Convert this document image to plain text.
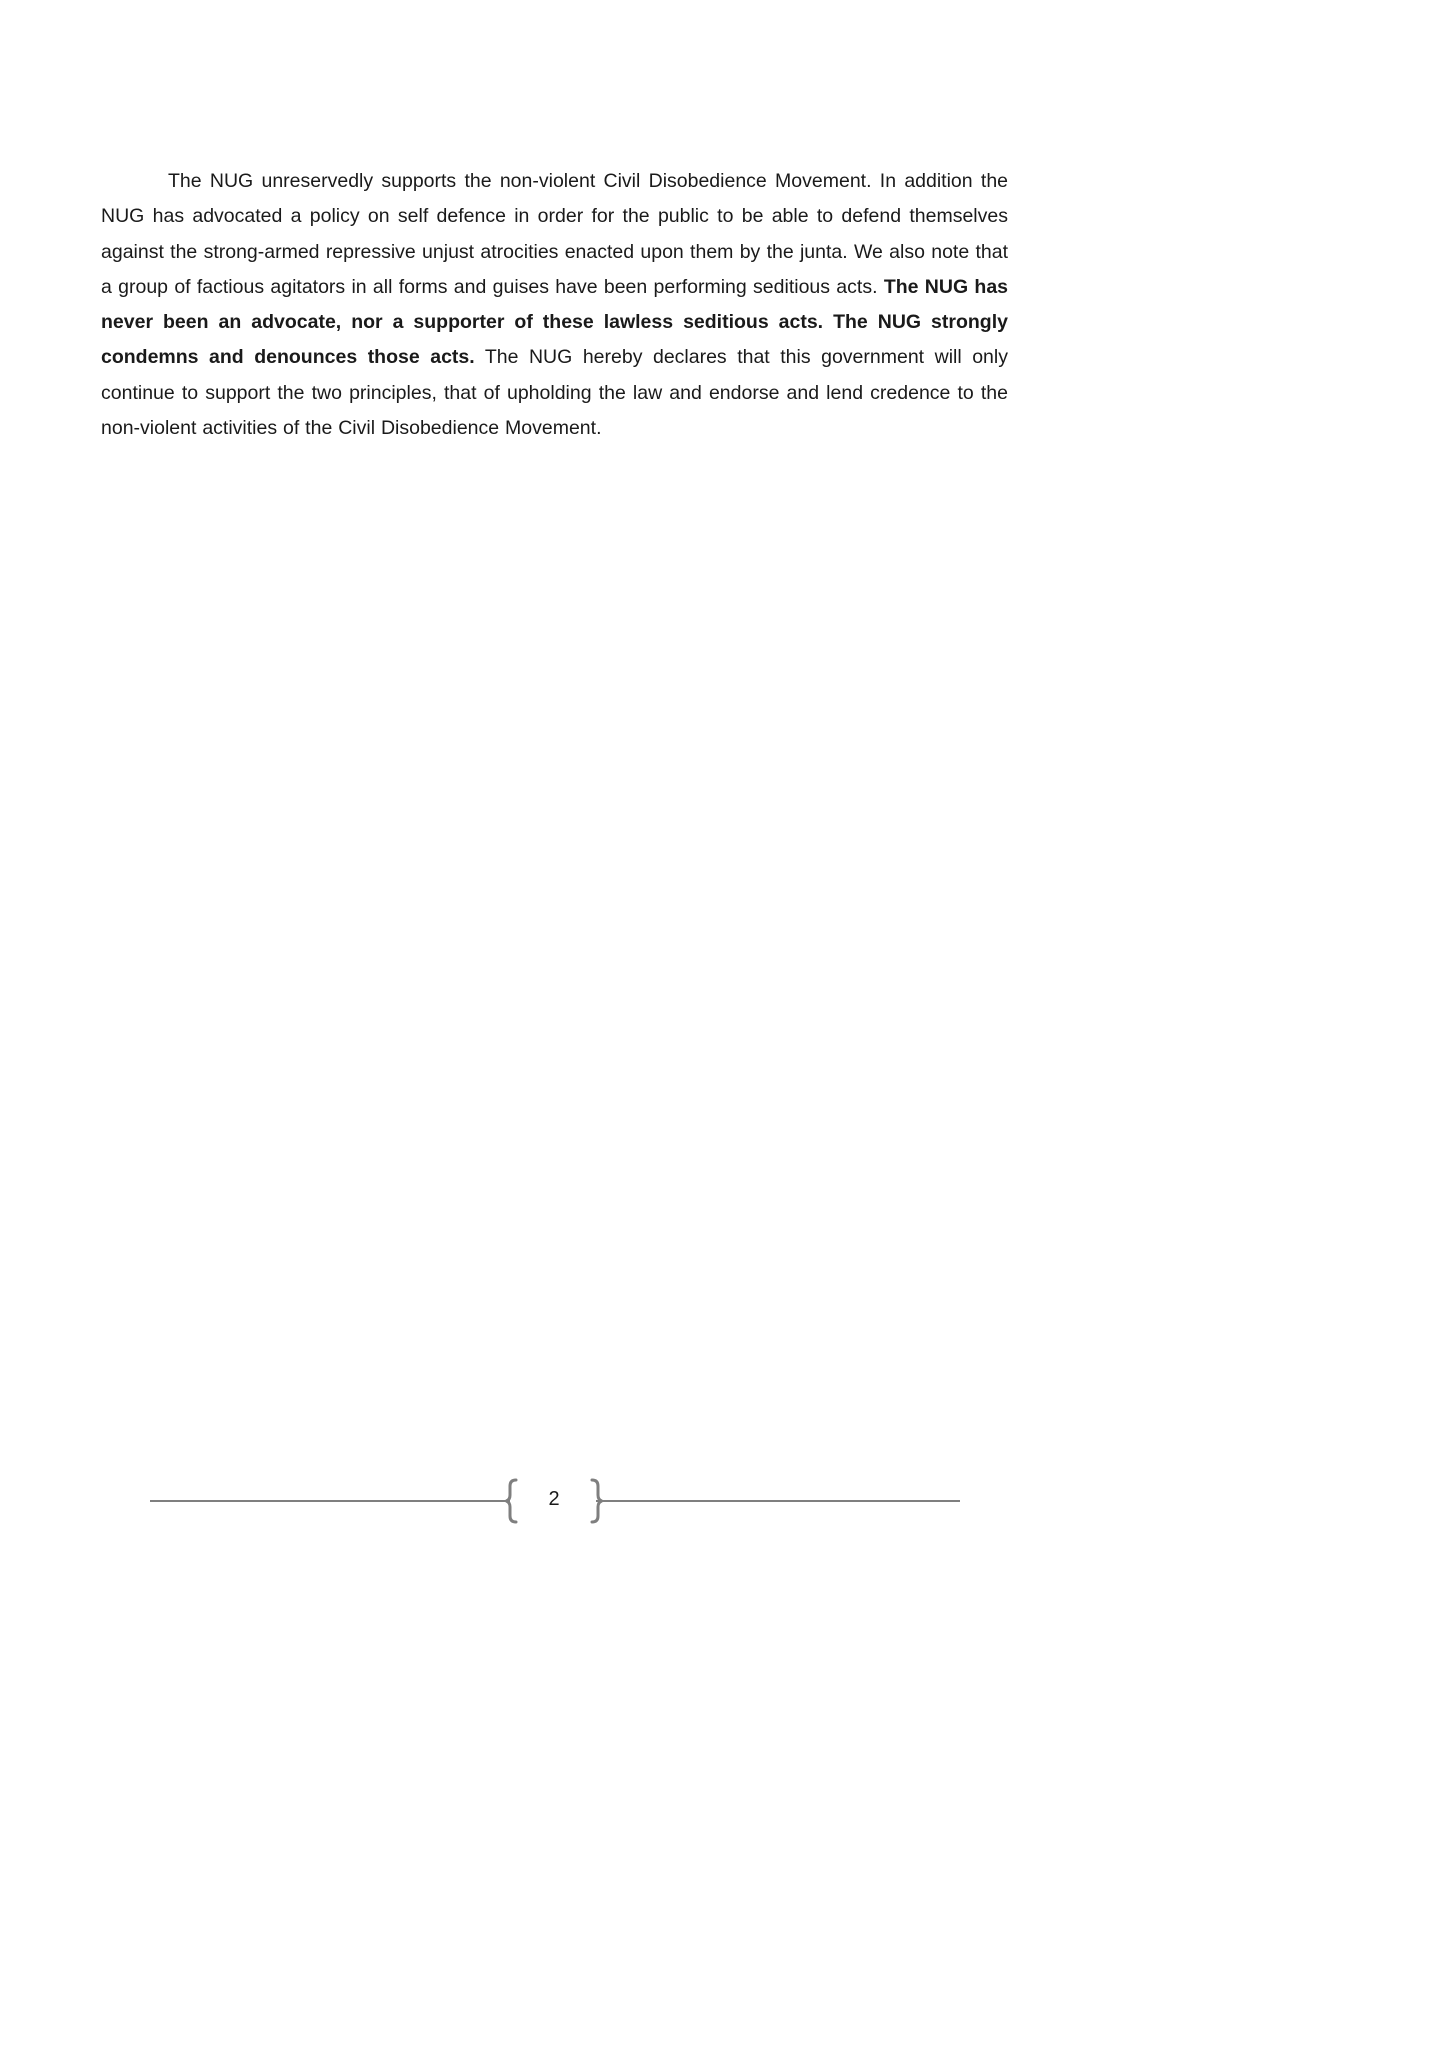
The NUG unreservedly supports the non-violent Civil Disobedience Movement. In addition the NUG has advocated a policy on self defence in order for the public to be able to defend themselves against the strong-armed repressive unjust atrocities enacted upon them by the junta. We also note that a group of factious agitators in all forms and guises have been performing seditious acts. The NUG has never been an advocate, nor a supporter of these lawless seditious acts. The NUG strongly condemns and denounces those acts. The NUG hereby declares that this government will only continue to support the two principles, that of upholding the law and endorse and lend credence to the non-violent activities of the Civil Disobedience Movement.

2
